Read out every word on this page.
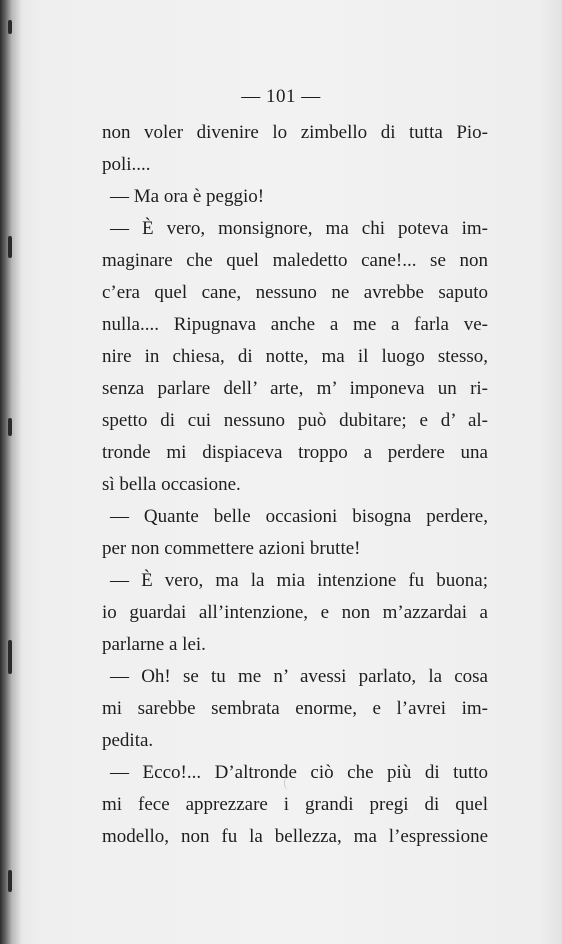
— 101 —
non voler divenire lo zimbello di tutta Pio-
poli....
— Ma ora è peggio!
— È vero, monsignore, ma chi poteva im-
maginare che quel maledetto cane!... se non
c’era quel cane, nessuno ne avrebbe saputo
nulla.... Ripugnava anche a me a farla ve-
nire in chiesa, di notte, ma il luogo stesso,
senza parlare dell’ arte, m’ imponeva un ri-
spetto di cui nessuno può dubitare; e d’ al-
tronde mi dispiaceva troppo a perdere una
sì bella occasione.
— Quante belle occasioni bisogna perdere,
per non commettere azioni brutte!
— È vero, ma la mia intenzione fu buona;
io guardai all’intenzione, e non m’azzardai a
parlarne a lei.
— Oh! se tu me n’ avessi parlato, la cosa
mi sarebbe sembrata enorme, e l’avrei im-
pedita.
— Ecco!... D’altronde ciò che più di tutto
mi fece apprezzare i grandi pregi di quel
modello, non fu la bellezza, ma l’espressione
